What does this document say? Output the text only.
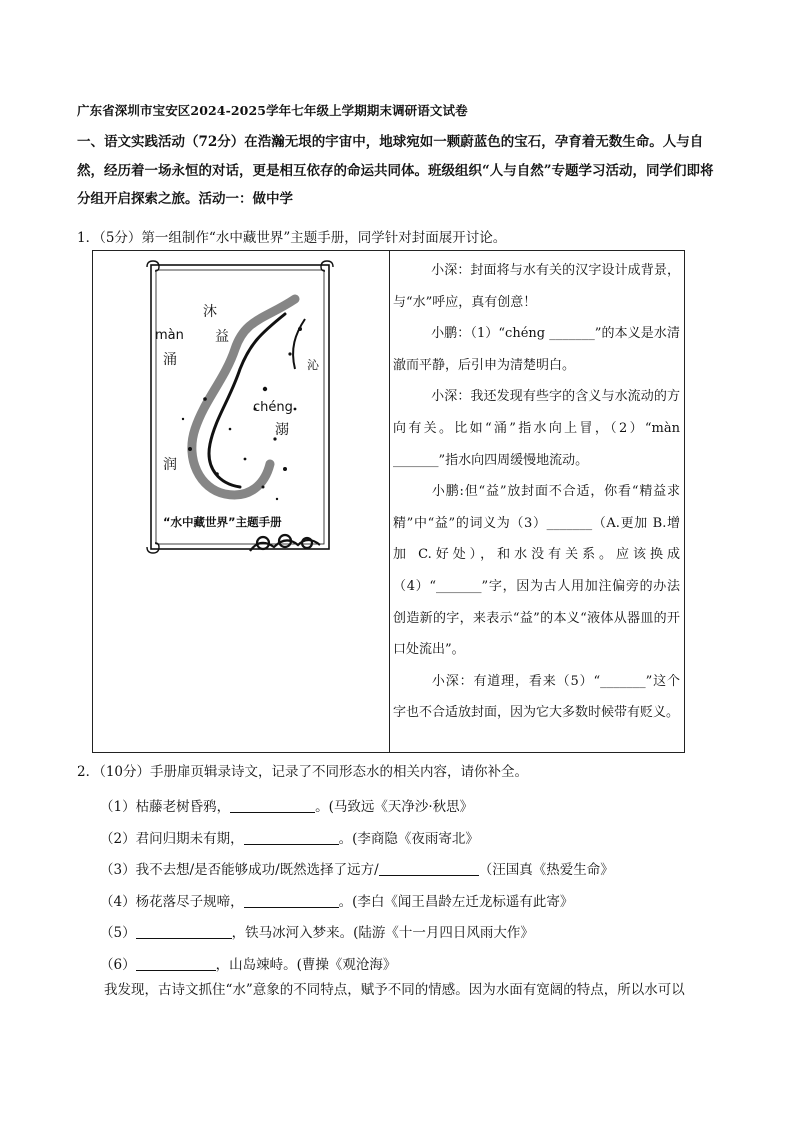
广东省深圳市宝安区2024-2025学年七年级上学期期末调研语文试卷
一、语文实践活动（72分）在浩瀚无垠的宇宙中，地球宛如一颗蔚蓝色的宝石，孕育着无数生命。人与自然，经历着一场永恒的对话，更是相互依存的命运共同体。班级组织“人与自然”专题学习活动，同学们即将分组开启探索之旅。活动一：做中学
1．（5分）第一组制作“水中藏世界”主题手册，同学针对封面展开讨论。
沐
益
màn
涌	沁
chéng
溺
润
“水中藏世界”主题手册

小深：封面将与水有关的汉字设计成背景，与“水”呼应，真有创意！

小鹏：（1）“chéng _______”的本义是水清澈而平静，后引申为清楚明白。

小深：我还发现有些字的含义与水流动的方向有关。比如“涌”指水向上冒，（2）“màn _______”指水向四周缓慢地流动。

小鹏:但“益”放封面不合适，你看“精益求精”中“益”的词义为（3）_______（A.更加 B.增加 C.好处），和水没有关系。应该换成（4）“_______”字，因为古人用加注偏旁的办法创造新的字，来表示“益”的本义“液体从器皿的开口处流出”。

小深：有道理，看来（5）“_______”这个字也不合适放封面，因为它大多数时候带有贬义。

2．（10分）手册扉页辑录诗文，记录了不同形态水的相关内容，请你补全。
（1）枯藤老树昏鸦，	。(马致远《天净沙·秋思》
（2）君问归期未有期，	。(李商隐《夜雨寄北》
（3）我不去想/是否能够成功/既然选择了远方/	（汪国真《热爱生命》
（4）杨花落尽子规啼，	。(李白《闻王昌龄左迁龙标遥有此寄》
（5）	，铁马冰河入梦来。(陆游《十一月四日风雨大作》
（6）	，山岛竦峙。(曹操《观沧海》
我发现，古诗文抓住“水”意象的不同特点，赋予不同的情感。因为水面有宽阔的特点，所以水可以
